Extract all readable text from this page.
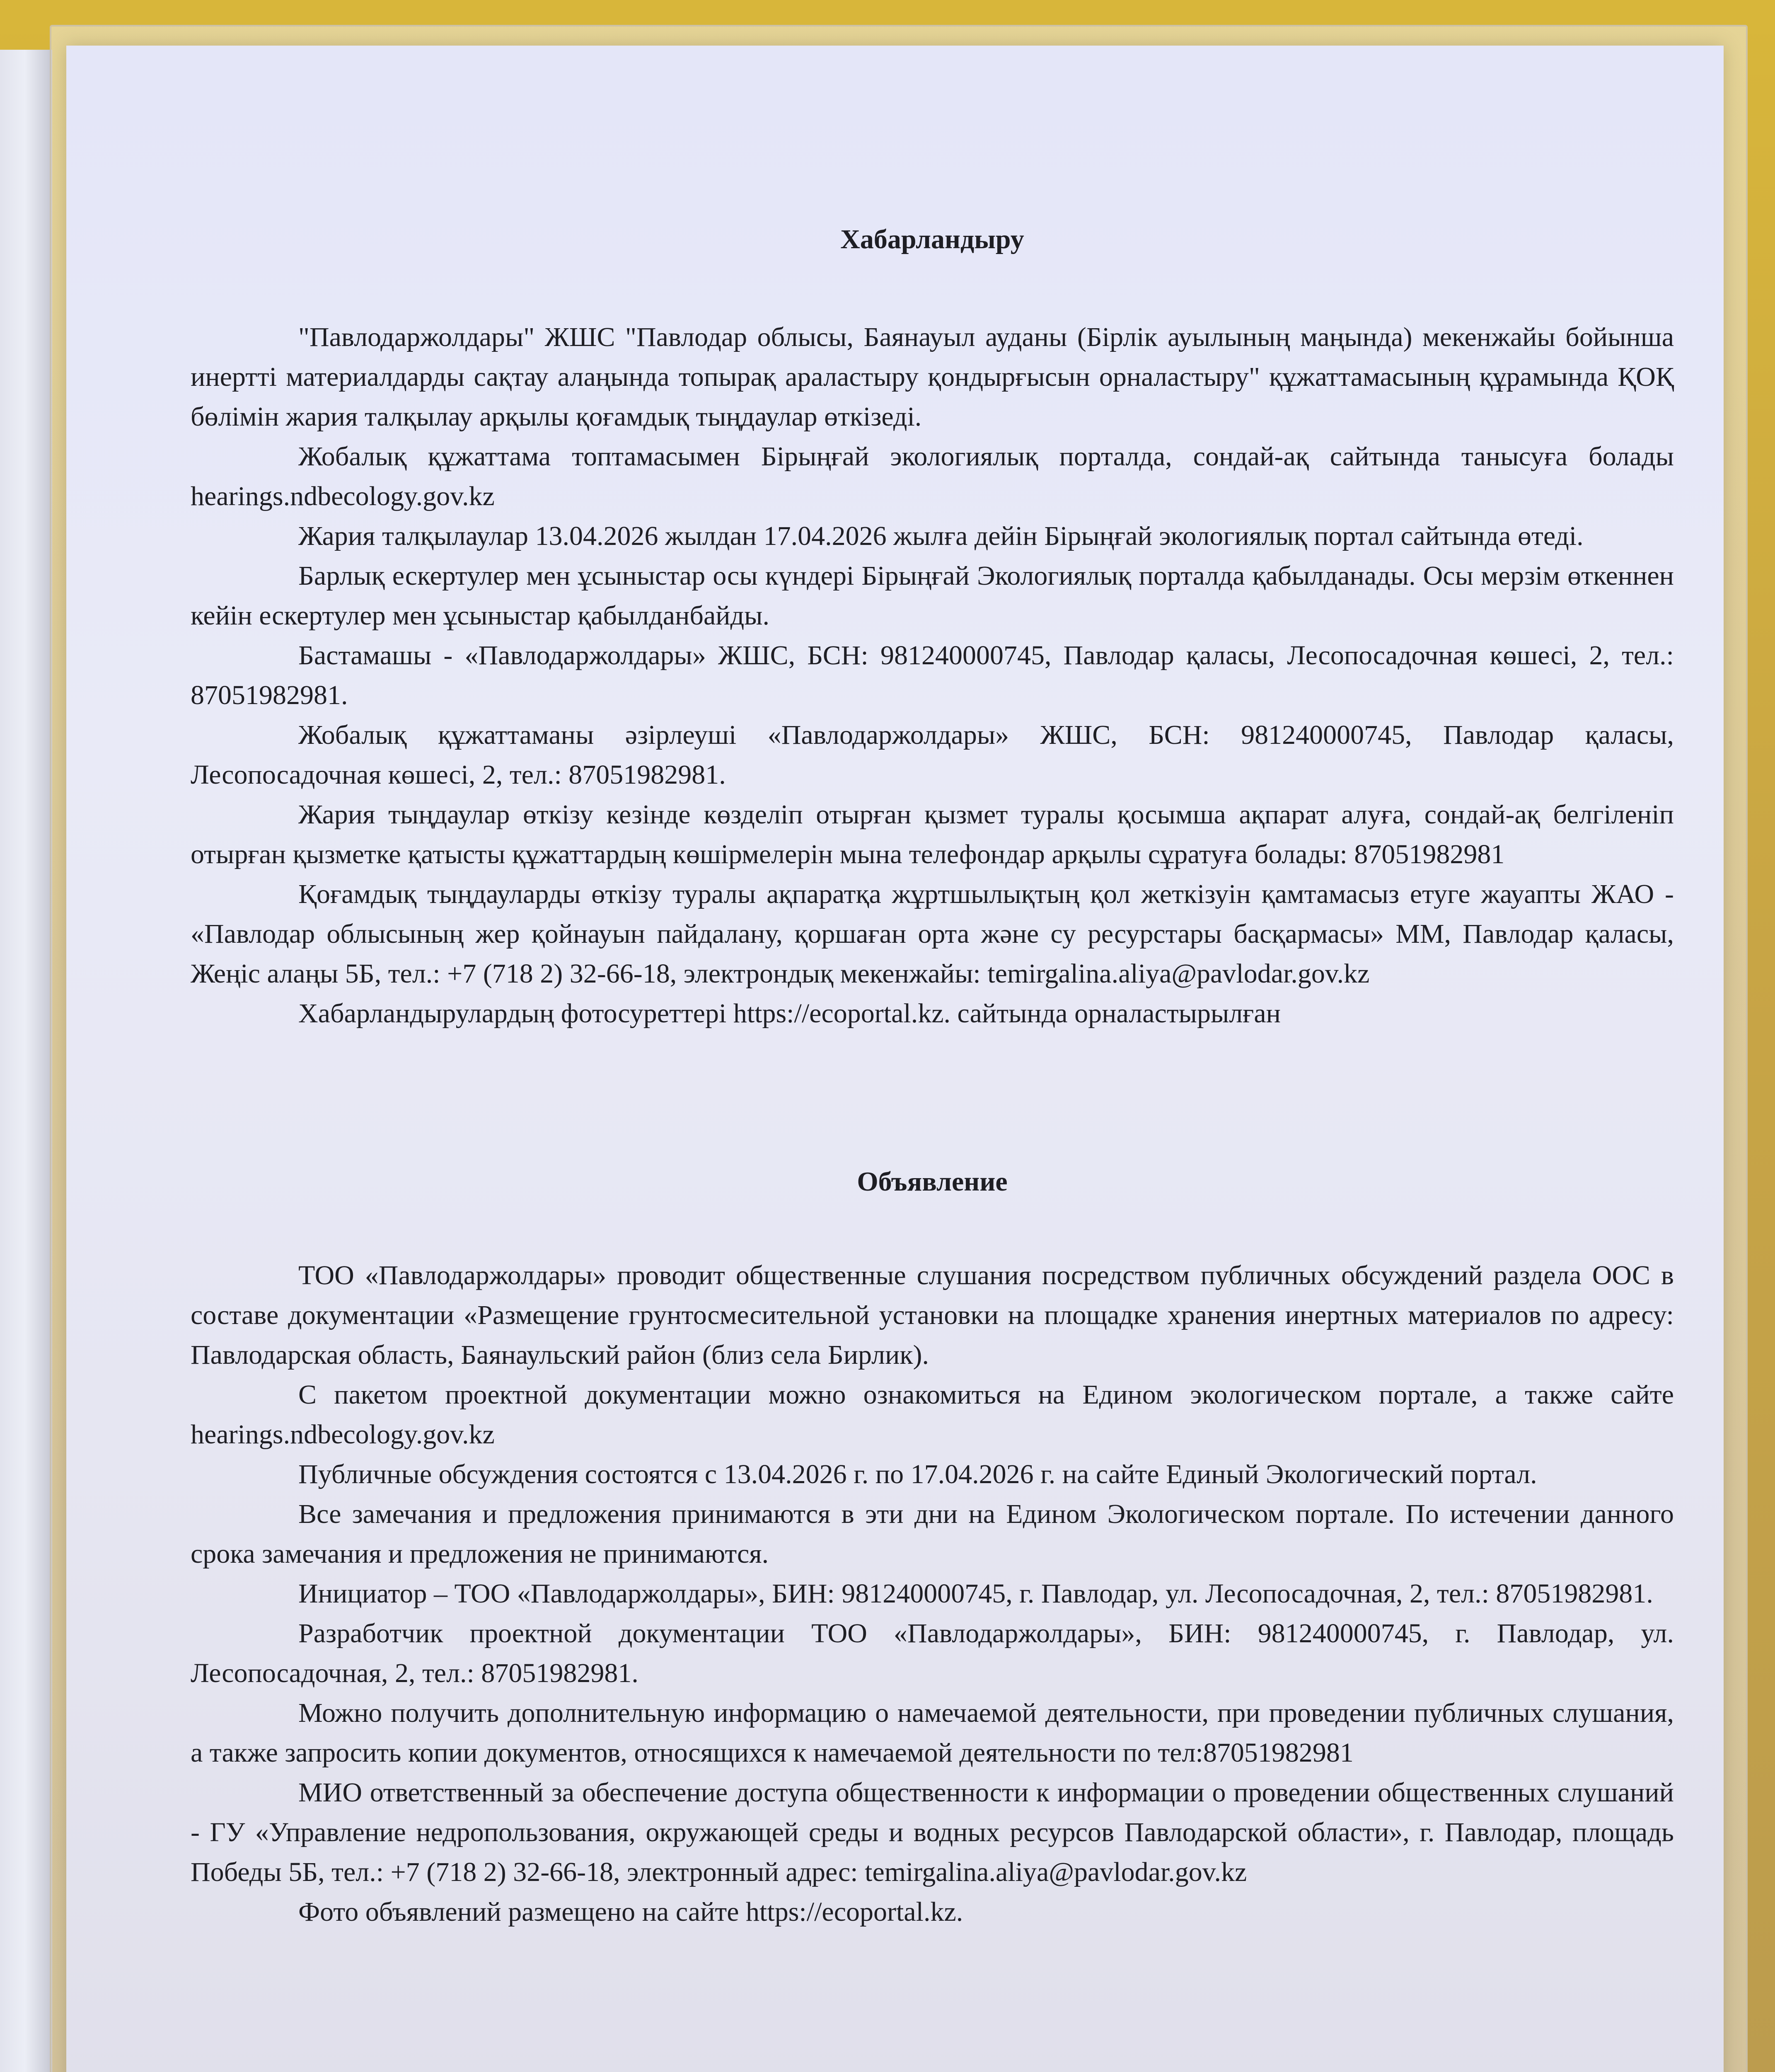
Хабарландыру

"Павлодаржолдары" ЖШС "Павлодар облысы, Баянауыл ауданы (Бірлік ауылының маңында) мекенжайы бойынша инертті материалдарды сақтау алаңында топырақ араластыру қондырғысын орналастыру" құжаттамасының құрамында ҚОҚ бөлімін жария талқылау арқылы қоғамдық тыңдаулар өткізеді.

Жобалық құжаттама топтамасымен Бірыңғай экологиялық порталда, сондай-ақ сайтында танысуға болады hearings.ndbecology.gov.kz

Жария талқылаулар 13.04.2026 жылдан 17.04.2026 жылға дейін Бірыңғай экологиялық портал сайтында өтеді.

Барлық ескертулер мен ұсыныстар осы күндері Бірыңғай Экологиялық порталда қабылданады. Осы мерзім өткеннен кейін ескертулер мен ұсыныстар қабылданбайды.

Бастамашы - «Павлодаржолдары» ЖШС, БСН: 981240000745, Павлодар қаласы, Лесопосадочная көшесі, 2, тел.: 87051982981.

Жобалық құжаттаманы әзірлеуші «Павлодаржолдары» ЖШС, БСН: 981240000745, Павлодар қаласы, Лесопосадочная көшесі, 2, тел.: 87051982981.

Жария тыңдаулар өткізу кезінде көзделіп отырған қызмет туралы қосымша ақпарат алуға, сондай-ақ белгіленіп отырған қызметке қатысты құжаттардың көшірмелерін мына телефондар арқылы сұратуға болады: 87051982981

Қоғамдық тыңдауларды өткізу туралы ақпаратқа жұртшылықтың қол жеткізуін қамтамасыз етуге жауапты ЖАО - «Павлодар облысының жер қойнауын пайдалану, қоршаған орта және су ресурстары басқармасы» ММ, Павлодар қаласы, Жеңіс алаңы 5Б, тел.: +7 (718 2) 32-66-18, электрондық мекенжайы: temirgalina.aliya@pavlodar.gov.kz

Хабарландырулардың фотосуреттері https://ecoportal.kz. сайтында орналастырылған

Объявление

ТОО «Павлодаржолдары» проводит общественные слушания посредством публичных обсуждений раздела ООС в составе документации «Размещение грунтосмесительной установки на площадке хранения инертных материалов по адресу: Павлодарская область, Баянаульский район (близ села Бирлик).

С пакетом проектной документации можно ознакомиться на Едином экологическом портале, а также сайте hearings.ndbecology.gov.kz

Публичные обсуждения состоятся с 13.04.2026 г. по 17.04.2026 г. на сайте Единый Экологический портал.

Все замечания и предложения принимаются в эти дни на Едином Экологическом портале. По истечении данного срока замечания и предложения не принимаются.

Инициатор – ТОО «Павлодаржолдары», БИН: 981240000745, г. Павлодар, ул. Лесопосадочная, 2, тел.: 87051982981.

Разработчик проектной документации ТОО «Павлодаржолдары», БИН: 981240000745, г. Павлодар, ул. Лесопосадочная, 2, тел.: 87051982981.

Можно получить дополнительную информацию о намечаемой деятельности, при проведении публичных слушания, а также запросить копии документов, относящихся к намечаемой деятельности по тел:87051982981

МИО ответственный за обеспечение доступа общественности к информации о проведении общественных слушаний - ГУ «Управление недропользования, окружающей среды и водных ресурсов Павлодарской области», г. Павлодар, площадь Победы 5Б, тел.: +7 (718 2) 32-66-18, электронный адрес: temirgalina.aliya@pavlodar.gov.kz

Фото объявлений размещено на сайте https://ecoportal.kz.
